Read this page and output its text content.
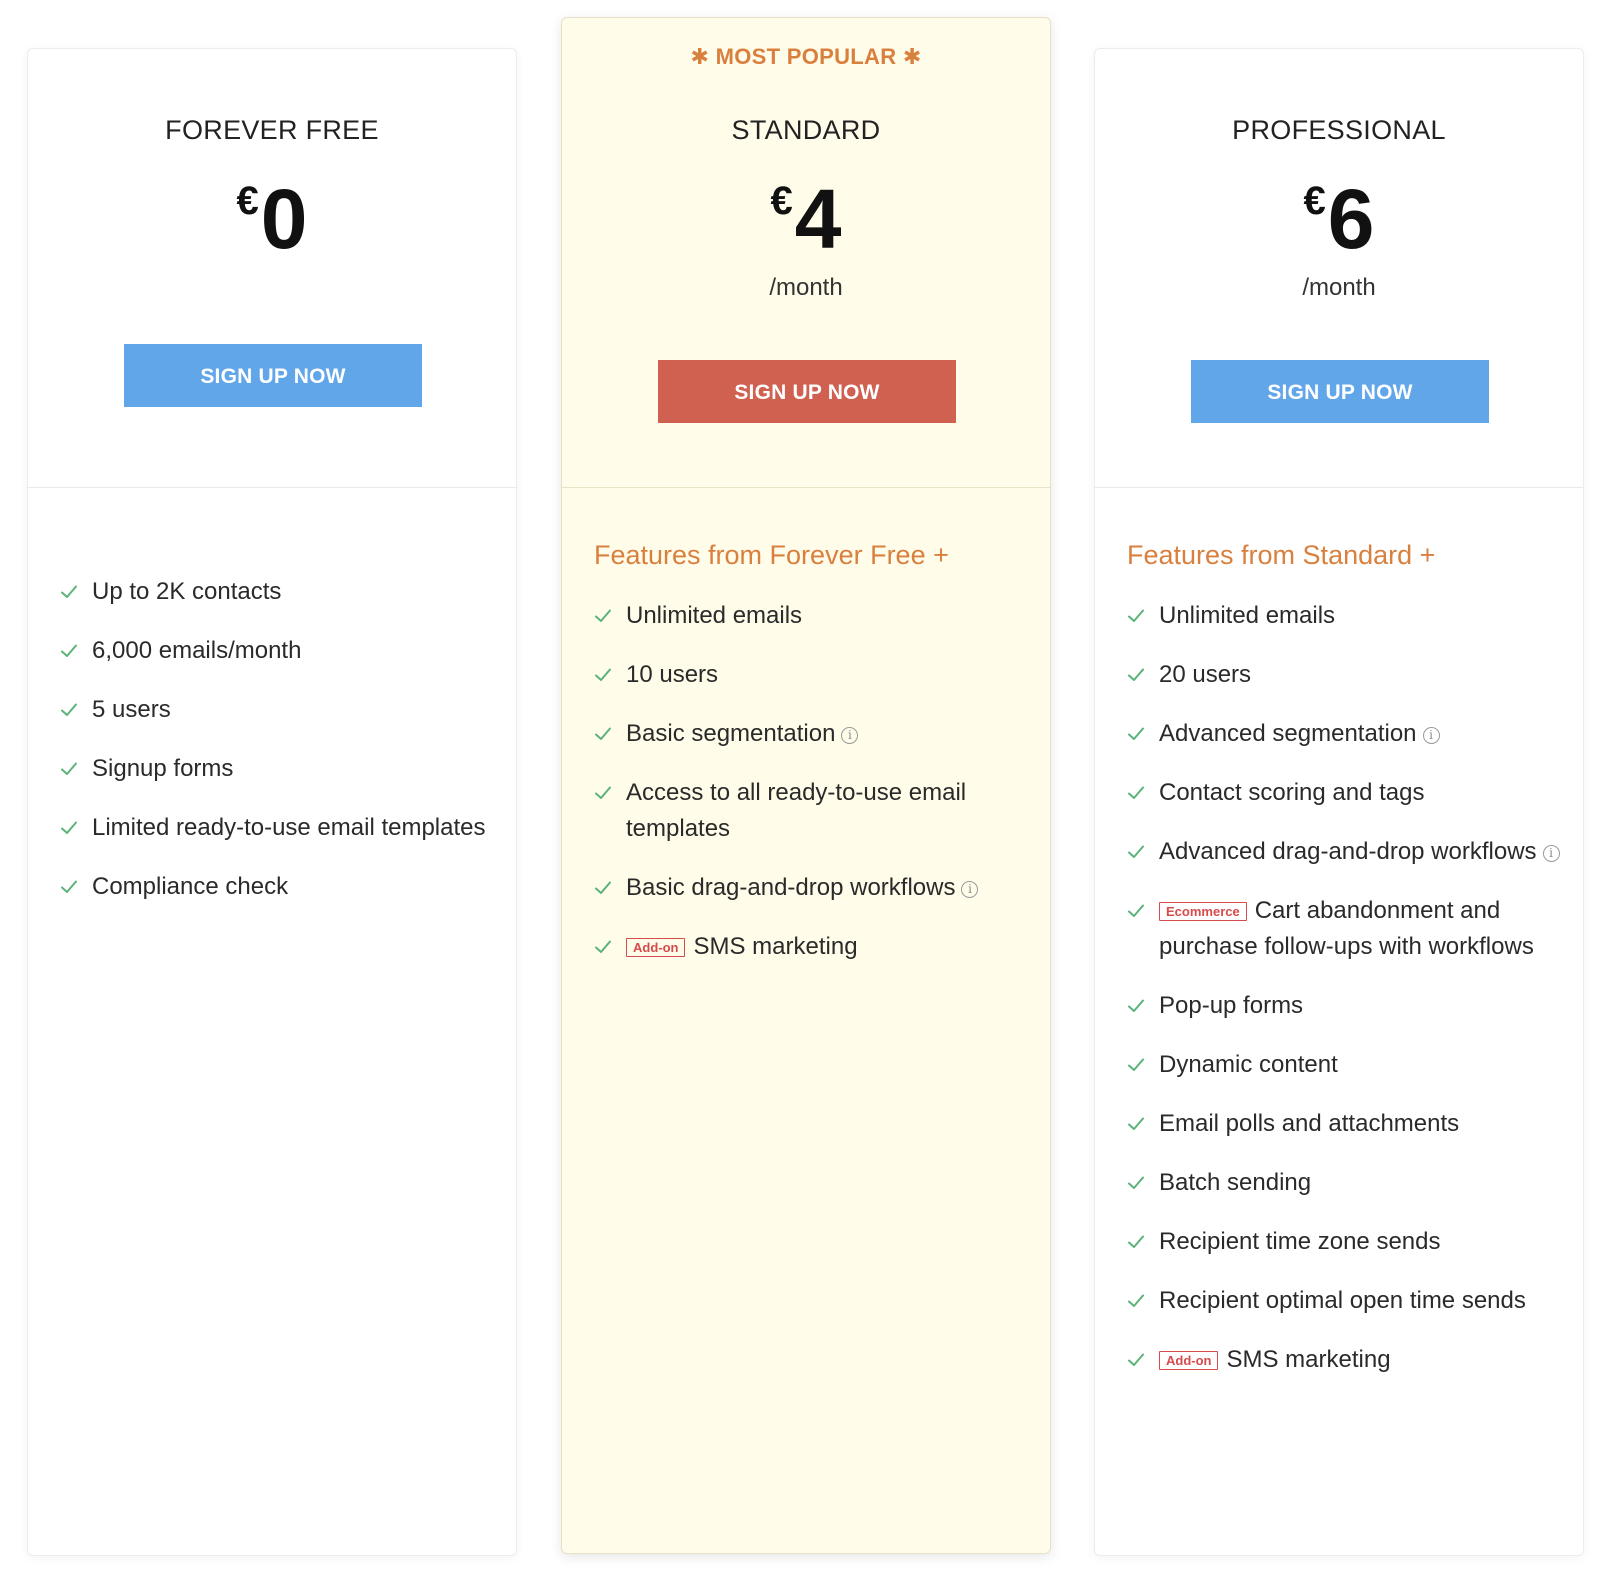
FOREVER FREE
€0
SIGN UP NOW
Up to 2K contacts
6,000 emails/month
5 users
Signup forms
Limited ready-to-use email templates
Compliance check
✱ MOST POPULAR ✱
STANDARD
€4
/month
SIGN UP NOW
Features from Forever Free +
Unlimited emails
10 users
Basic segmentation i
Access to all ready-to-use email templates
Basic drag-and-drop workflows i
Add-on SMS marketing
PROFESSIONAL
€6
/month
SIGN UP NOW
Features from Standard +
Unlimited emails
20 users
Advanced segmentation i
Contact scoring and tags
Advanced drag-and-drop workflows i
Ecommerce Cart abandonment and purchase follow-ups with workflows
Pop-up forms
Dynamic content
Email polls and attachments
Batch sending
Recipient time zone sends
Recipient optimal open time sends
Add-on SMS marketing
